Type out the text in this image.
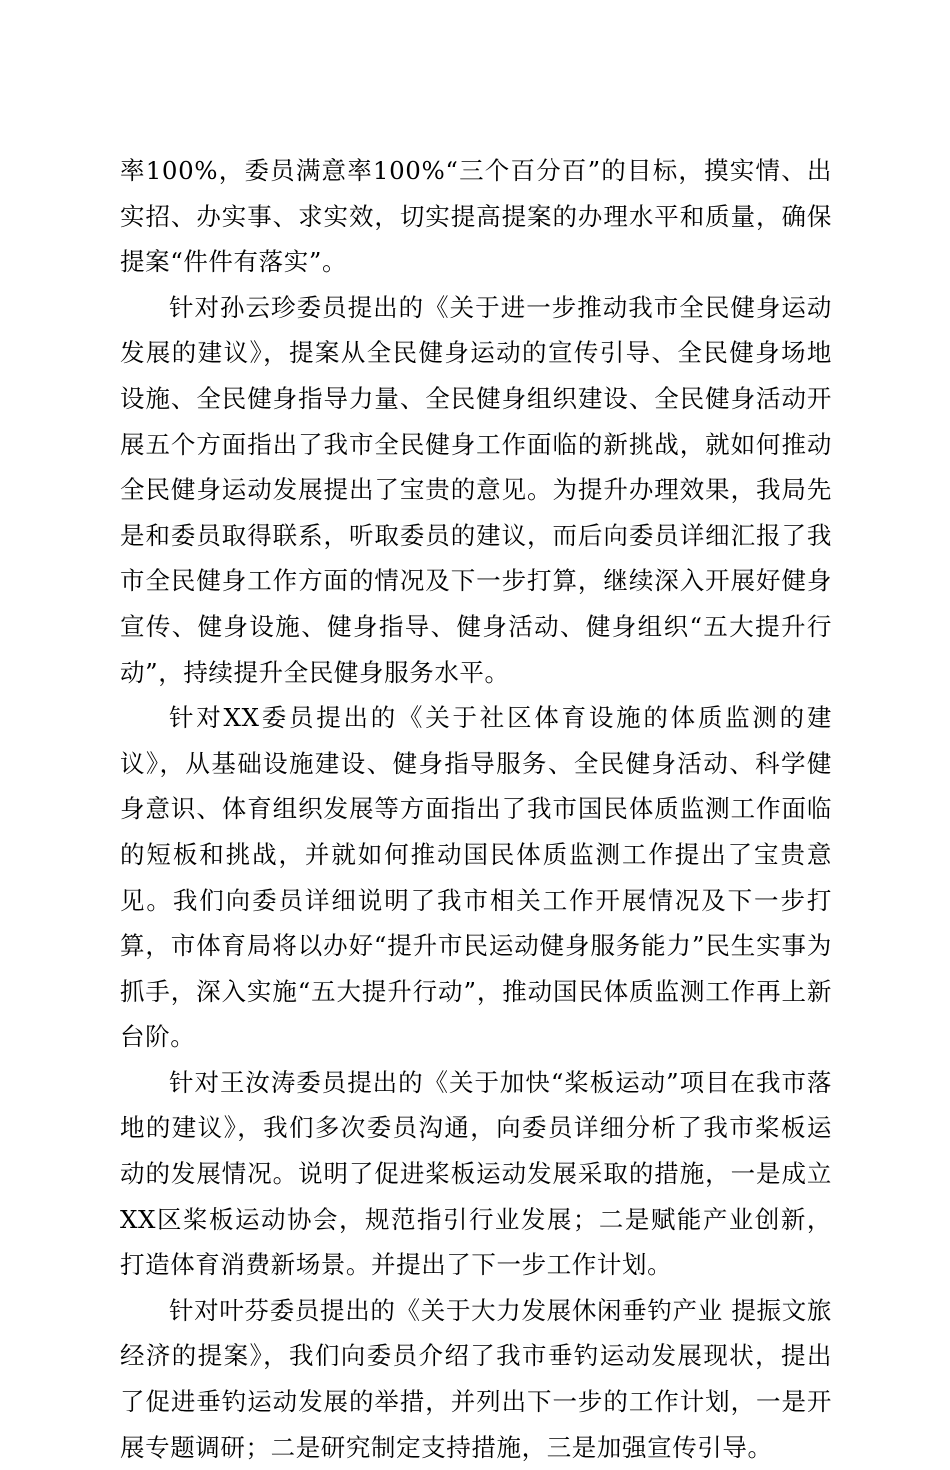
率100%，委员满意率100%“三个百分百”的目标，摸实情、出实招、办实事、求实效，切实提高提案的办理水平和质量，确保提案“件件有落实”。

针对孙云珍委员提出的《关于进一步推动我市全民健身运动发展的建议》，提案从全民健身运动的宣传引导、全民健身场地设施、全民健身指导力量、全民健身组织建设、全民健身活动开展五个方面指出了我市全民健身工作面临的新挑战，就如何推动全民健身运动发展提出了宝贵的意见。为提升办理效果，我局先是和委员取得联系，听取委员的建议，而后向委员详细汇报了我市全民健身工作方面的情况及下一步打算，继续深入开展好健身宣传、健身设施、健身指导、健身活动、健身组织“五大提升行动”，持续提升全民健身服务水平。

针对XX委员提出的《关于社区体育设施的体质监测的建议》，从基础设施建设、健身指导服务、全民健身活动、科学健身意识、体育组织发展等方面指出了我市国民体质监测工作面临的短板和挑战，并就如何推动国民体质监测工作提出了宝贵意见。我们向委员详细说明了我市相关工作开展情况及下一步打算，市体育局将以办好“提升市民运动健身服务能力”民生实事为抓手，深入实施“五大提升行动”，推动国民体质监测工作再上新台阶。

针对王汝涛委员提出的《关于加快“桨板运动”项目在我市落地的建议》，我们多次委员沟通，向委员详细分析了我市桨板运动的发展情况。说明了促进桨板运动发展采取的措施，一是成立XX区桨板运动协会，规范指引行业发展；二是赋能产业创新，打造体育消费新场景。并提出了下一步工作计划。

针对叶芬委员提出的《关于大力发展休闲垂钓产业 提振文旅经济的提案》，我们向委员介绍了我市垂钓运动发展现状，提出了促进垂钓运动发展的举措，并列出下一步的工作计划，一是开展专题调研；二是研究制定支持措施，三是加强宣传引导。
